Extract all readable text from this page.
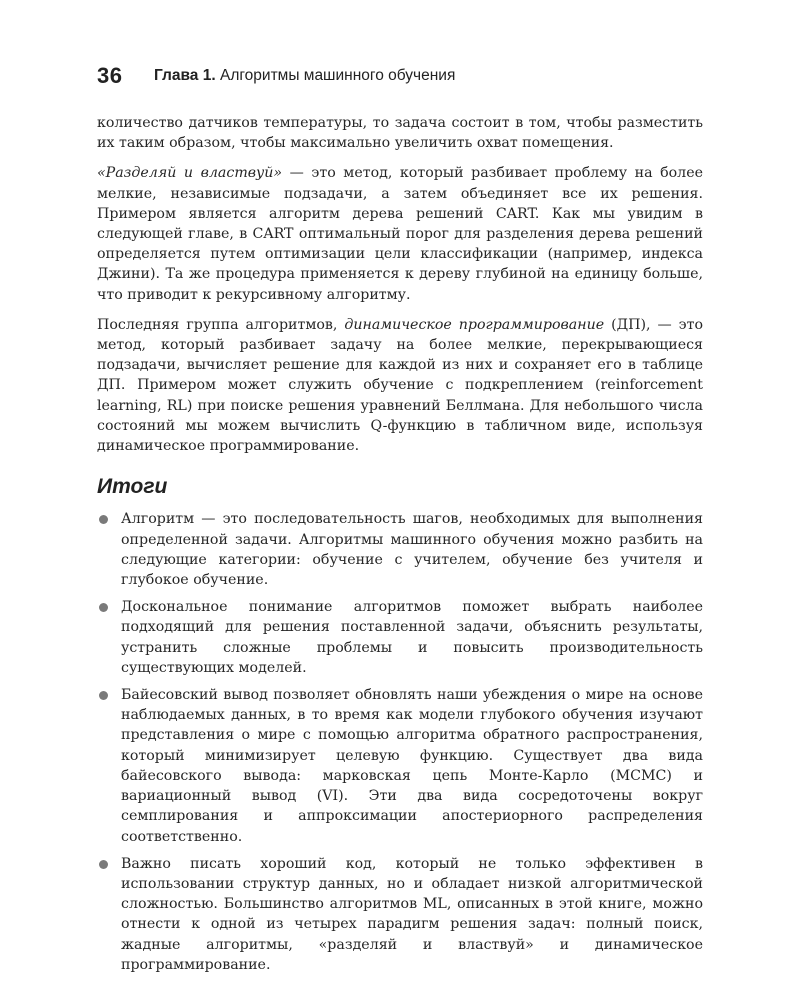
36 Глава 1. Алгоритмы машинного обучения

количество датчиков температуры, то задача состоит в том, чтобы разместить их таким образом, чтобы максимально увеличить охват помещения.

«Разделяй и властвуй» — это метод, который разбивает проблему на более мелкие, независимые подзадачи, а затем объединяет все их решения. Примером является алгоритм дерева решений CART. Как мы увидим в следующей главе, в CART оптимальный порог для разделения дерева решений определяется путем оптимизации цели классификации (например, индекса Джини). Та же процедура применяется к дереву глубиной на единицу больше, что приводит к рекурсивному алгоритму.

Последняя группа алгоритмов, динамическое программирование (ДП), — это метод, который разбивает задачу на более мелкие, перекрывающиеся подзадачи, вычисляет решение для каждой из них и сохраняет его в таблице ДП. Примером может служить обучение с подкреплением (reinforcement learning, RL) при поиске решения уравнений Беллмана. Для небольшого числа состояний мы можем вычислить Q-функцию в табличном виде, используя динамическое программирование.

Итоги
Алгоритм — это последовательность шагов, необходимых для выполнения определенной задачи. Алгоритмы машинного обучения можно разбить на следующие категории: обучение с учителем, обучение без учителя и глубокое обучение.
Доскональное понимание алгоритмов поможет выбрать наиболее подходящий для решения поставленной задачи, объяснить результаты, устранить сложные проблемы и повысить производительность существующих моделей.
Байесовский вывод позволяет обновлять наши убеждения о мире на основе наблюдаемых данных, в то время как модели глубокого обучения изучают представления о мире с помощью алгоритма обратного распространения, который минимизирует целевую функцию. Существует два вида байесовского вывода: марковская цепь Монте-Карло (MCMC) и вариационный вывод (VI). Эти два вида сосредоточены вокруг семплирования и аппроксимации апостериорного распределения соответственно.
Важно писать хороший код, который не только эффективен в использовании структур данных, но и обладает низкой алгоритмической сложностью. Большинство алгоритмов ML, описанных в этой книге, можно отнести к одной из четырех парадигм решения задач: полный поиск, жадные алгоритмы, «разделяй и властвуй» и динамическое программирование.
